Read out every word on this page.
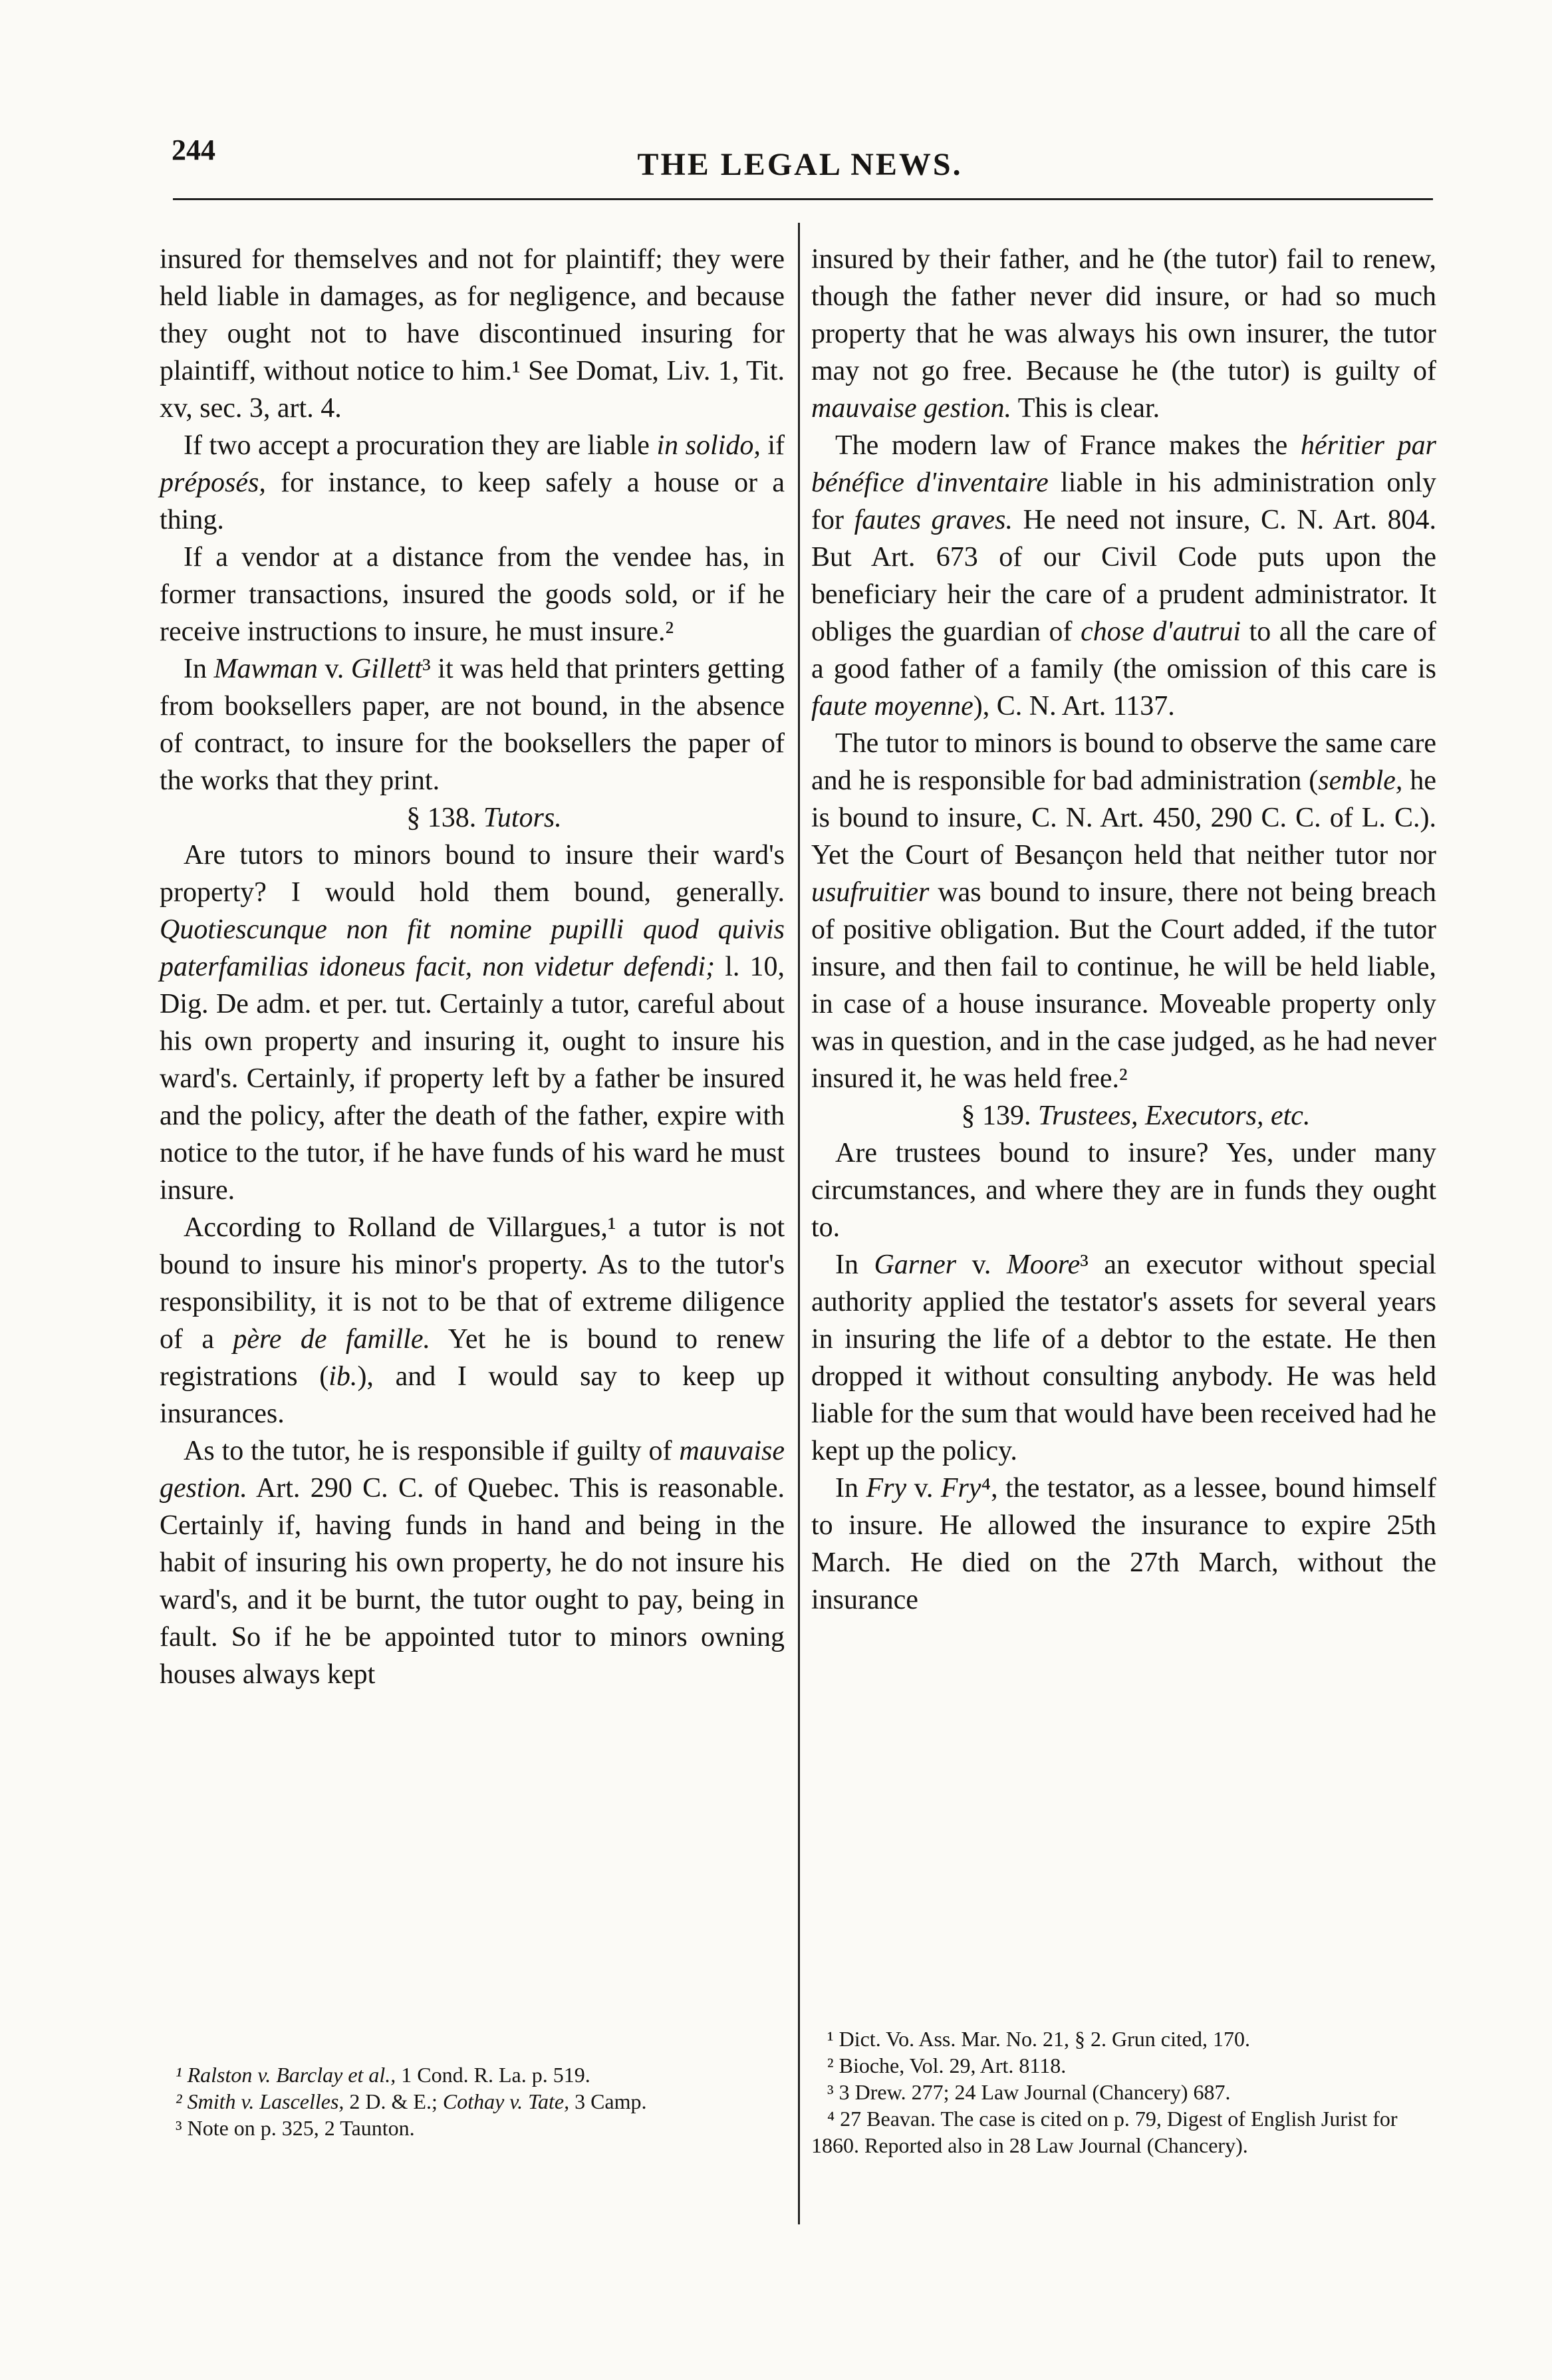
244	THE LEGAL NEWS.

insured for themselves and not for plaintiff; they were held liable in damages, as for negligence, and because they ought not to have discontinued insuring for plaintiff, without notice to him.¹ See Domat, Liv. 1, Tit. xv, sec. 3, art. 4.

If two accept a procuration they are liable in solido, if préposés, for instance, to keep safely a house or a thing.

If a vendor at a distance from the vendee has, in former transactions, insured the goods sold, or if he receive instructions to insure, he must insure.²

In Mawman v. Gillett³ it was held that printers getting from booksellers paper, are not bound, in the absence of contract, to insure for the booksellers the paper of the works that they print.

§ 138. Tutors.

Are tutors to minors bound to insure their ward's property? I would hold them bound, generally. Quotiescunque non fit nomine pupilli quod quivis paterfamilias idoneus facit, non videtur defendi; l. 10, Dig. De adm. et per. tut. Certainly a tutor, careful about his own property and insuring it, ought to insure his ward's. Certainly, if property left by a father be insured and the policy, after the death of the father, expire with notice to the tutor, if he have funds of his ward he must insure.

According to Rolland de Villargues,¹ a tutor is not bound to insure his minor's property. As to the tutor's responsibility, it is not to be that of extreme diligence of a père de famille. Yet he is bound to renew registrations (ib.), and I would say to keep up insurances.

As to the tutor, he is responsible if guilty of mauvaise gestion. Art. 290 C. C. of Quebec. This is reasonable. Certainly if, having funds in hand and being in the habit of insuring his own property, he do not insure his ward's, and it be burnt, the tutor ought to pay, being in fault. So if he be appointed tutor to minors owning houses always kept

insured by their father, and he (the tutor) fail to renew, though the father never did insure, or had so much property that he was always his own insurer, the tutor may not go free. Because he (the tutor) is guilty of mauvaise gestion. This is clear.

The modern law of France makes the héritier par bénéfice d'inventaire liable in his administration only for fautes graves. He need not insure, C. N. Art. 804. But Art. 673 of our Civil Code puts upon the beneficiary heir the care of a prudent administrator. It obliges the guardian of chose d'autrui to all the care of a good father of a family (the omission of this care is faute moyenne), C. N. Art. 1137.

The tutor to minors is bound to observe the same care and he is responsible for bad administration (semble, he is bound to insure, C. N. Art. 450, 290 C. C. of L. C.). Yet the Court of Besançon held that neither tutor nor usufruitier was bound to insure, there not being breach of positive obligation. But the Court added, if the tutor insure, and then fail to continue, he will be held liable, in case of a house insurance. Moveable property only was in question, and in the case judged, as he had never insured it, he was held free.²

§ 139. Trustees, Executors, etc.

Are trustees bound to insure? Yes, under many circumstances, and where they are in funds they ought to.

In Garner v. Moore³ an executor without special authority applied the testator's assets for several years in insuring the life of a debtor to the estate. He then dropped it without consulting anybody. He was held liable for the sum that would have been received had he kept up the policy.

In Fry v. Fry⁴, the testator, as a lessee, bound himself to insure. He allowed the insurance to expire 25th March. He died on the 27th March, without the insurance

¹ Ralston v. Barclay et al., 1 Cond. R. La. p. 519.
² Smith v. Lascelles, 2 D. & E.; Cothay v. Tate, 3 Camp.
³ Note on p. 325, 2 Taunton.
¹ Dict. Vo. Ass. Mar. No. 21, § 2. Grun cited, 170.
² Bioche, Vol. 29, Art. 8118.
³ 3 Drew. 277; 24 Law Journal (Chancery) 687.
⁴ 27 Beavan. The case is cited on p. 79, Digest of English Jurist for 1860. Reported also in 28 Law Journal (Chancery).
